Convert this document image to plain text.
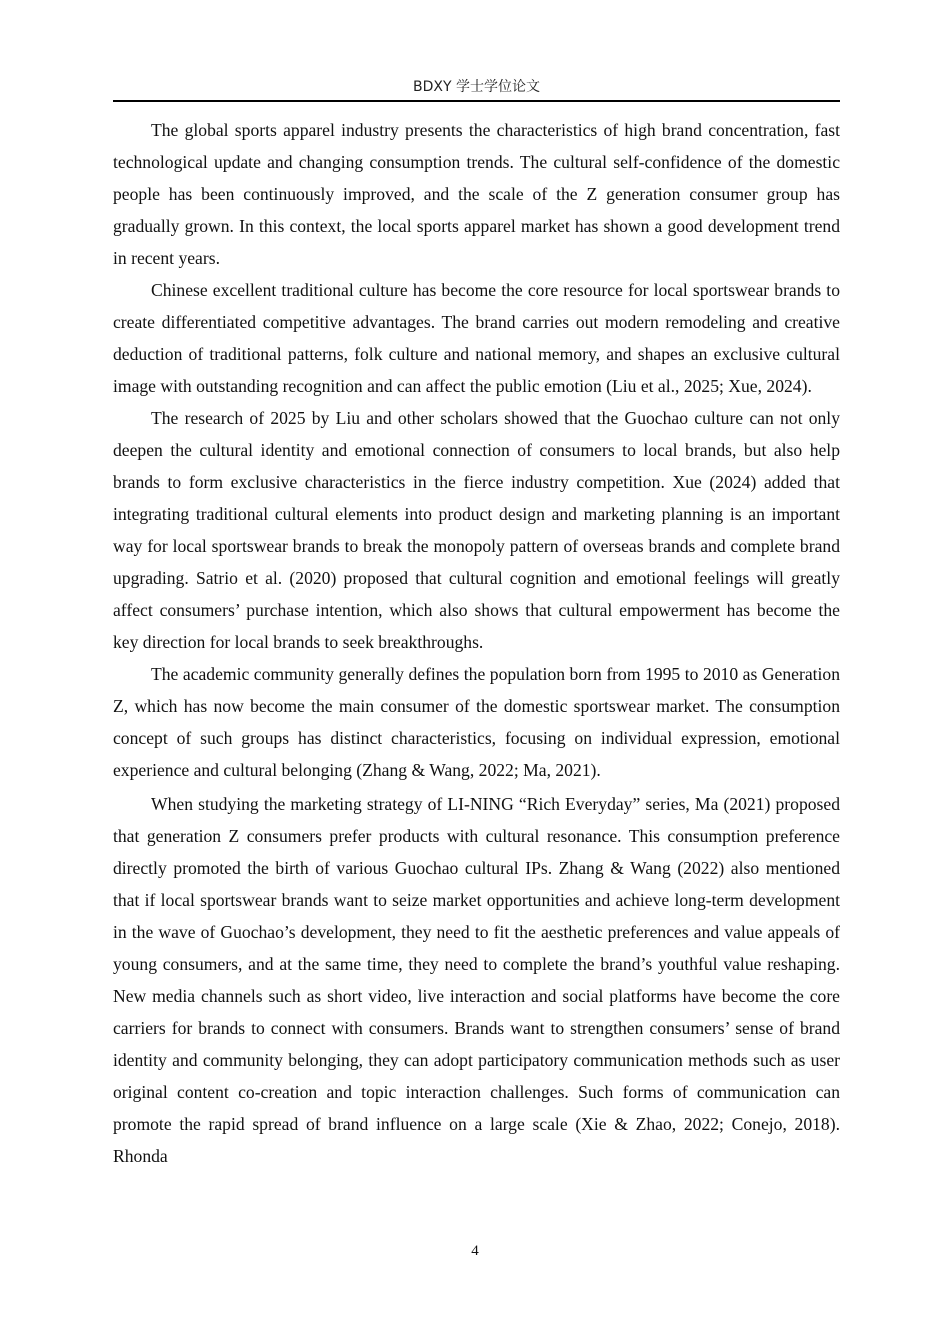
BDXY 学士学位论文

The global sports apparel industry presents the characteristics of high brand concentration, fast technological update and changing consumption trends. The cultural self-confidence of the domestic people has been continuously improved, and the scale of the Z generation consumer group has gradually grown. In this context, the local sports apparel market has shown a good development trend in recent years.

Chinese excellent traditional culture has become the core resource for local sportswear brands to create differentiated competitive advantages. The brand carries out modern remodeling and creative deduction of traditional patterns, folk culture and national memory, and shapes an exclusive cultural image with outstanding recognition and can affect the public emotion (Liu et al., 2025; Xue, 2024).

The research of 2025 by Liu and other scholars showed that the Guochao culture can not only deepen the cultural identity and emotional connection of consumers to local brands, but also help brands to form exclusive characteristics in the fierce industry competition. Xue (2024) added that integrating traditional cultural elements into product design and marketing planning is an important way for local sportswear brands to break the monopoly pattern of overseas brands and complete brand upgrading. Satrio et al. (2020) proposed that cultural cognition and emotional feelings will greatly affect consumers’ purchase intention, which also shows that cultural empowerment has become the key direction for local brands to seek breakthroughs.

The academic community generally defines the population born from 1995 to 2010 as Generation Z, which has now become the main consumer of the domestic sportswear market. The consumption concept of such groups has distinct characteristics, focusing on individual expression, emotional experience and cultural belonging (Zhang & Wang, 2022; Ma, 2021).

When studying the marketing strategy of LI-NING “Rich Everyday” series, Ma (2021) proposed that generation Z consumers prefer products with cultural resonance. This consumption preference directly promoted the birth of various Guochao cultural IPs. Zhang & Wang (2022) also mentioned that if local sportswear brands want to seize market opportunities and achieve long-term development in the wave of Guochao’s development, they need to fit the aesthetic preferences and value appeals of young consumers, and at the same time, they need to complete the brand’s youthful value reshaping. New media channels such as short video, live interaction and social platforms have become the core carriers for brands to connect with consumers. Brands want to strengthen consumers’ sense of brand identity and community belonging, they can adopt participatory communication methods such as user original content co-creation and topic interaction challenges. Such forms of communication can promote the rapid spread of brand influence on a large scale (Xie & Zhao, 2022; Conejo, 2018). Rhonda

4
